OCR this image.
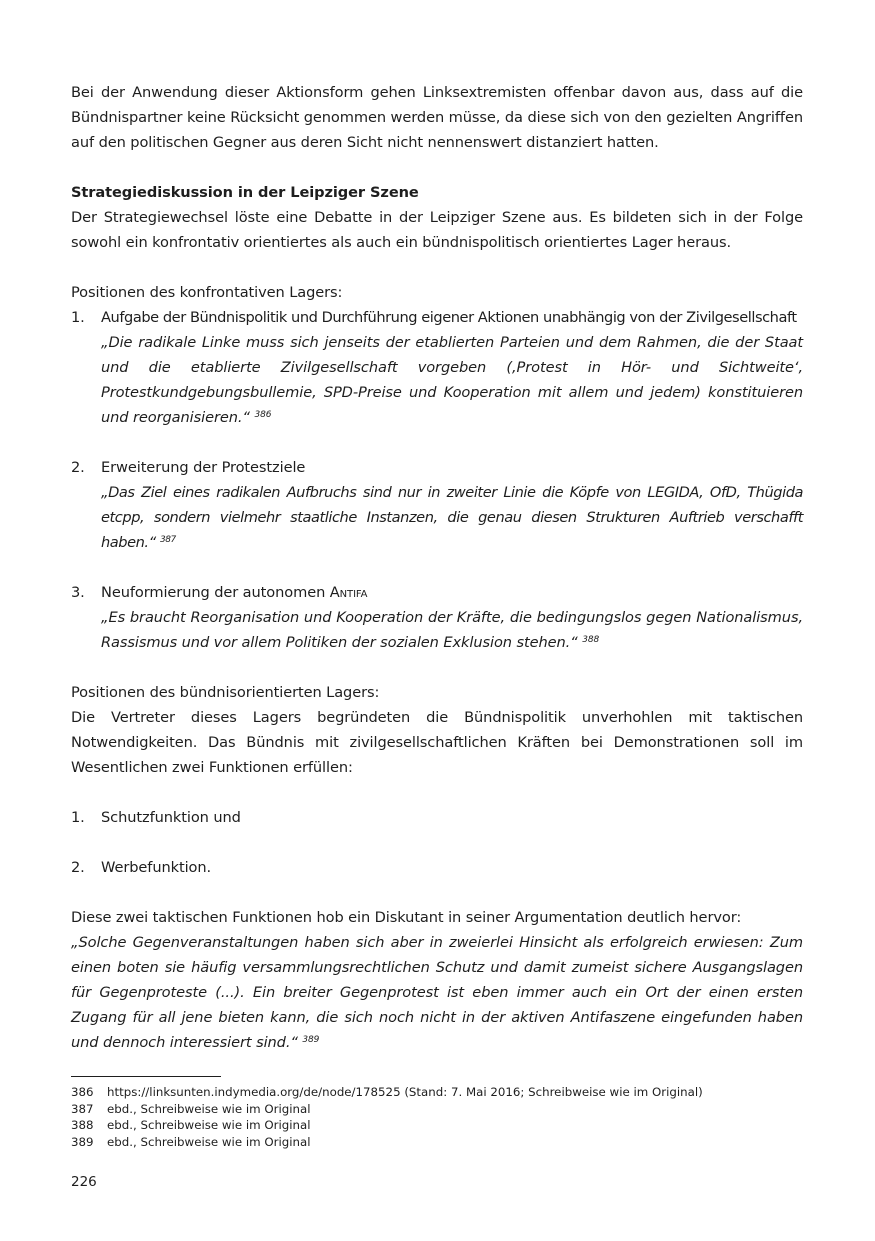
Bei der Anwendung dieser Aktionsform gehen Linksextremisten offenbar davon aus, dass auf die Bündnispartner keine Rücksicht genommen werden müsse, da diese sich von den gezielten Angriffen auf den politischen Gegner aus deren Sicht nicht nennenswert distanziert hatten.

Strategiediskussion in der Leipziger Szene

Der Strategiewechsel löste eine Debatte in der Leipziger Szene aus. Es bildeten sich in der Folge sowohl ein konfrontativ orientiertes als auch ein bündnispolitisch orientiertes Lager heraus.

Positionen des konfrontativen Lagers:

1.	Aufgabe der Bündnispolitik und Durchführung eigener Aktionen unabhängig von der Zivilgesellschaft

„Die radikale Linke muss sich jenseits der etablierten Parteien und dem Rahmen, die der Staat und die etablierte Zivilgesellschaft vorgeben (‚Protest in Hör- und Sichtweite‘, Protestkundgebungsbullemie, SPD-Preise und Kooperation mit allem und jedem) konstituieren und reorganisieren.“ $^{386}$

2.	Erweiterung der Protestziele

„Das Ziel eines radikalen Aufbruchs sind nur in zweiter Linie die Köpfe von LEGIDA, OfD, Thügida etcpp, sondern vielmehr staatliche Instanzen, die genau diesen Strukturen Auftrieb verschafft haben.“ $^{387}$

3.	Neuformierung der autonomen Antifa

„Es braucht Reorganisation und Kooperation der Kräfte, die bedingungslos gegen Nationalismus, Rassismus und vor allem Politiken der sozialen Exklusion stehen.“ $^{388}$

Positionen des bündnisorientierten Lagers:

Die Vertreter dieses Lagers begründeten die Bündnispolitik unverhohlen mit taktischen Notwendigkeiten. Das Bündnis mit zivilgesellschaftlichen Kräften bei Demonstrationen soll im Wesentlichen zwei Funktionen erfüllen:

1.	Schutzfunktion und
2.	Werbefunktion.

Diese zwei taktischen Funktionen hob ein Diskutant in seiner Argumentation deutlich hervor:

„Solche Gegenveranstaltungen haben sich aber in zweierlei Hinsicht als erfolgreich erwiesen: Zum einen boten sie häufig versammlungsrechtlichen Schutz und damit zumeist sichere Ausgangslagen für Gegenproteste (...). Ein breiter Gegenprotest ist eben immer auch ein Ort der einen ersten Zugang für all jene bieten kann, die sich noch nicht in der aktiven Antifaszene eingefunden haben und dennoch interessiert sind.“ $^{389}$

386	https://linksunten.indymedia.org/de/node/178525 (Stand: 7. Mai 2016; Schreibweise wie im Original)
387	ebd., Schreibweise wie im Original
388	ebd., Schreibweise wie im Original
389	ebd., Schreibweise wie im Original
226
